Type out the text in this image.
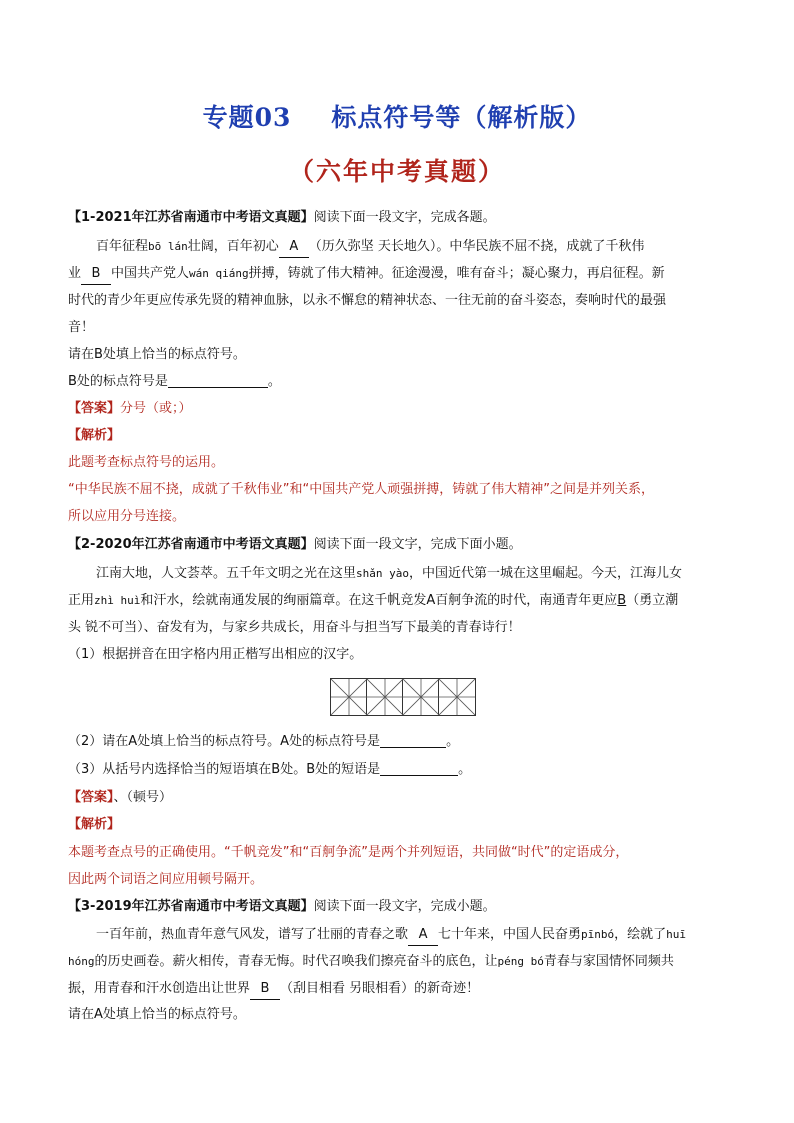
专题03 标点符号等（解析版）
（六年中考真题）
【1-2021年江苏省南通市中考语文真题】阅读下面一段文字，完成各题。
百年征程bō lán壮阔，百年初心 A （历久弥坚 天长地久）。中华民族不屈不挠，成就了千秋伟
业 B 中国共产党人wán qiáng拼搏，铸就了伟大精神。征途漫漫，唯有奋斗；凝心聚力，再启征程。新
时代的青少年更应传承先贤的精神血脉，以永不懈怠的精神状态、一往无前的奋斗姿态，奏响时代的最强
音！
请在B处填上恰当的标点符号。
B处的标点符号是	。
【答案】分号（或；）
【解析】
此题考查标点符号的运用。
“中华民族不屈不挠，成就了千秋伟业”和“中国共产党人顽强拼搏，铸就了伟大精神”之间是并列关系，
所以应用分号连接。
【2-2020年江苏省南通市中考语文真题】阅读下面一段文字，完成下面小题。
江南大地，人文荟萃。五千年文明之光在这里shǎn yào，中国近代第一城在这里崛起。今天，江海儿女
正用zhì huì和汗水，绘就南通发展的绚丽篇章。在这千帆竞发A百舸争流的时代，南通青年更应B（勇立潮
头 锐不可当）、奋发有为，与家乡共成长，用奋斗与担当写下最美的青春诗行！
（1）根据拼音在田字格内用正楷写出相应的汉字。
（2）请在A处填上恰当的标点符号。A处的标点符号是	。
（3）从括号内选择恰当的短语填在B处。B处的短语是	。
【答案】、（顿号）
【解析】
本题考查点号的正确使用。“千帆竞发”和“百舸争流”是两个并列短语，共同做“时代”的定语成分，
因此两个词语之间应用顿号隔开。
【3-2019年江苏省南通市中考语文真题】阅读下面一段文字，完成小题。
一百年前，热血青年意气风发，谱写了壮丽的青春之歌 A 七十年来，中国人民奋勇pīnbó，绘就了huī
hóng的历史画卷。薪火相传，青春无悔。时代召唤我们擦亮奋斗的底色，让péng bó青春与家国情怀同频共
振，用青春和汗水创造出让世界 B （刮目相看 另眼相看）的新奇迹！
请在A处填上恰当的标点符号。
